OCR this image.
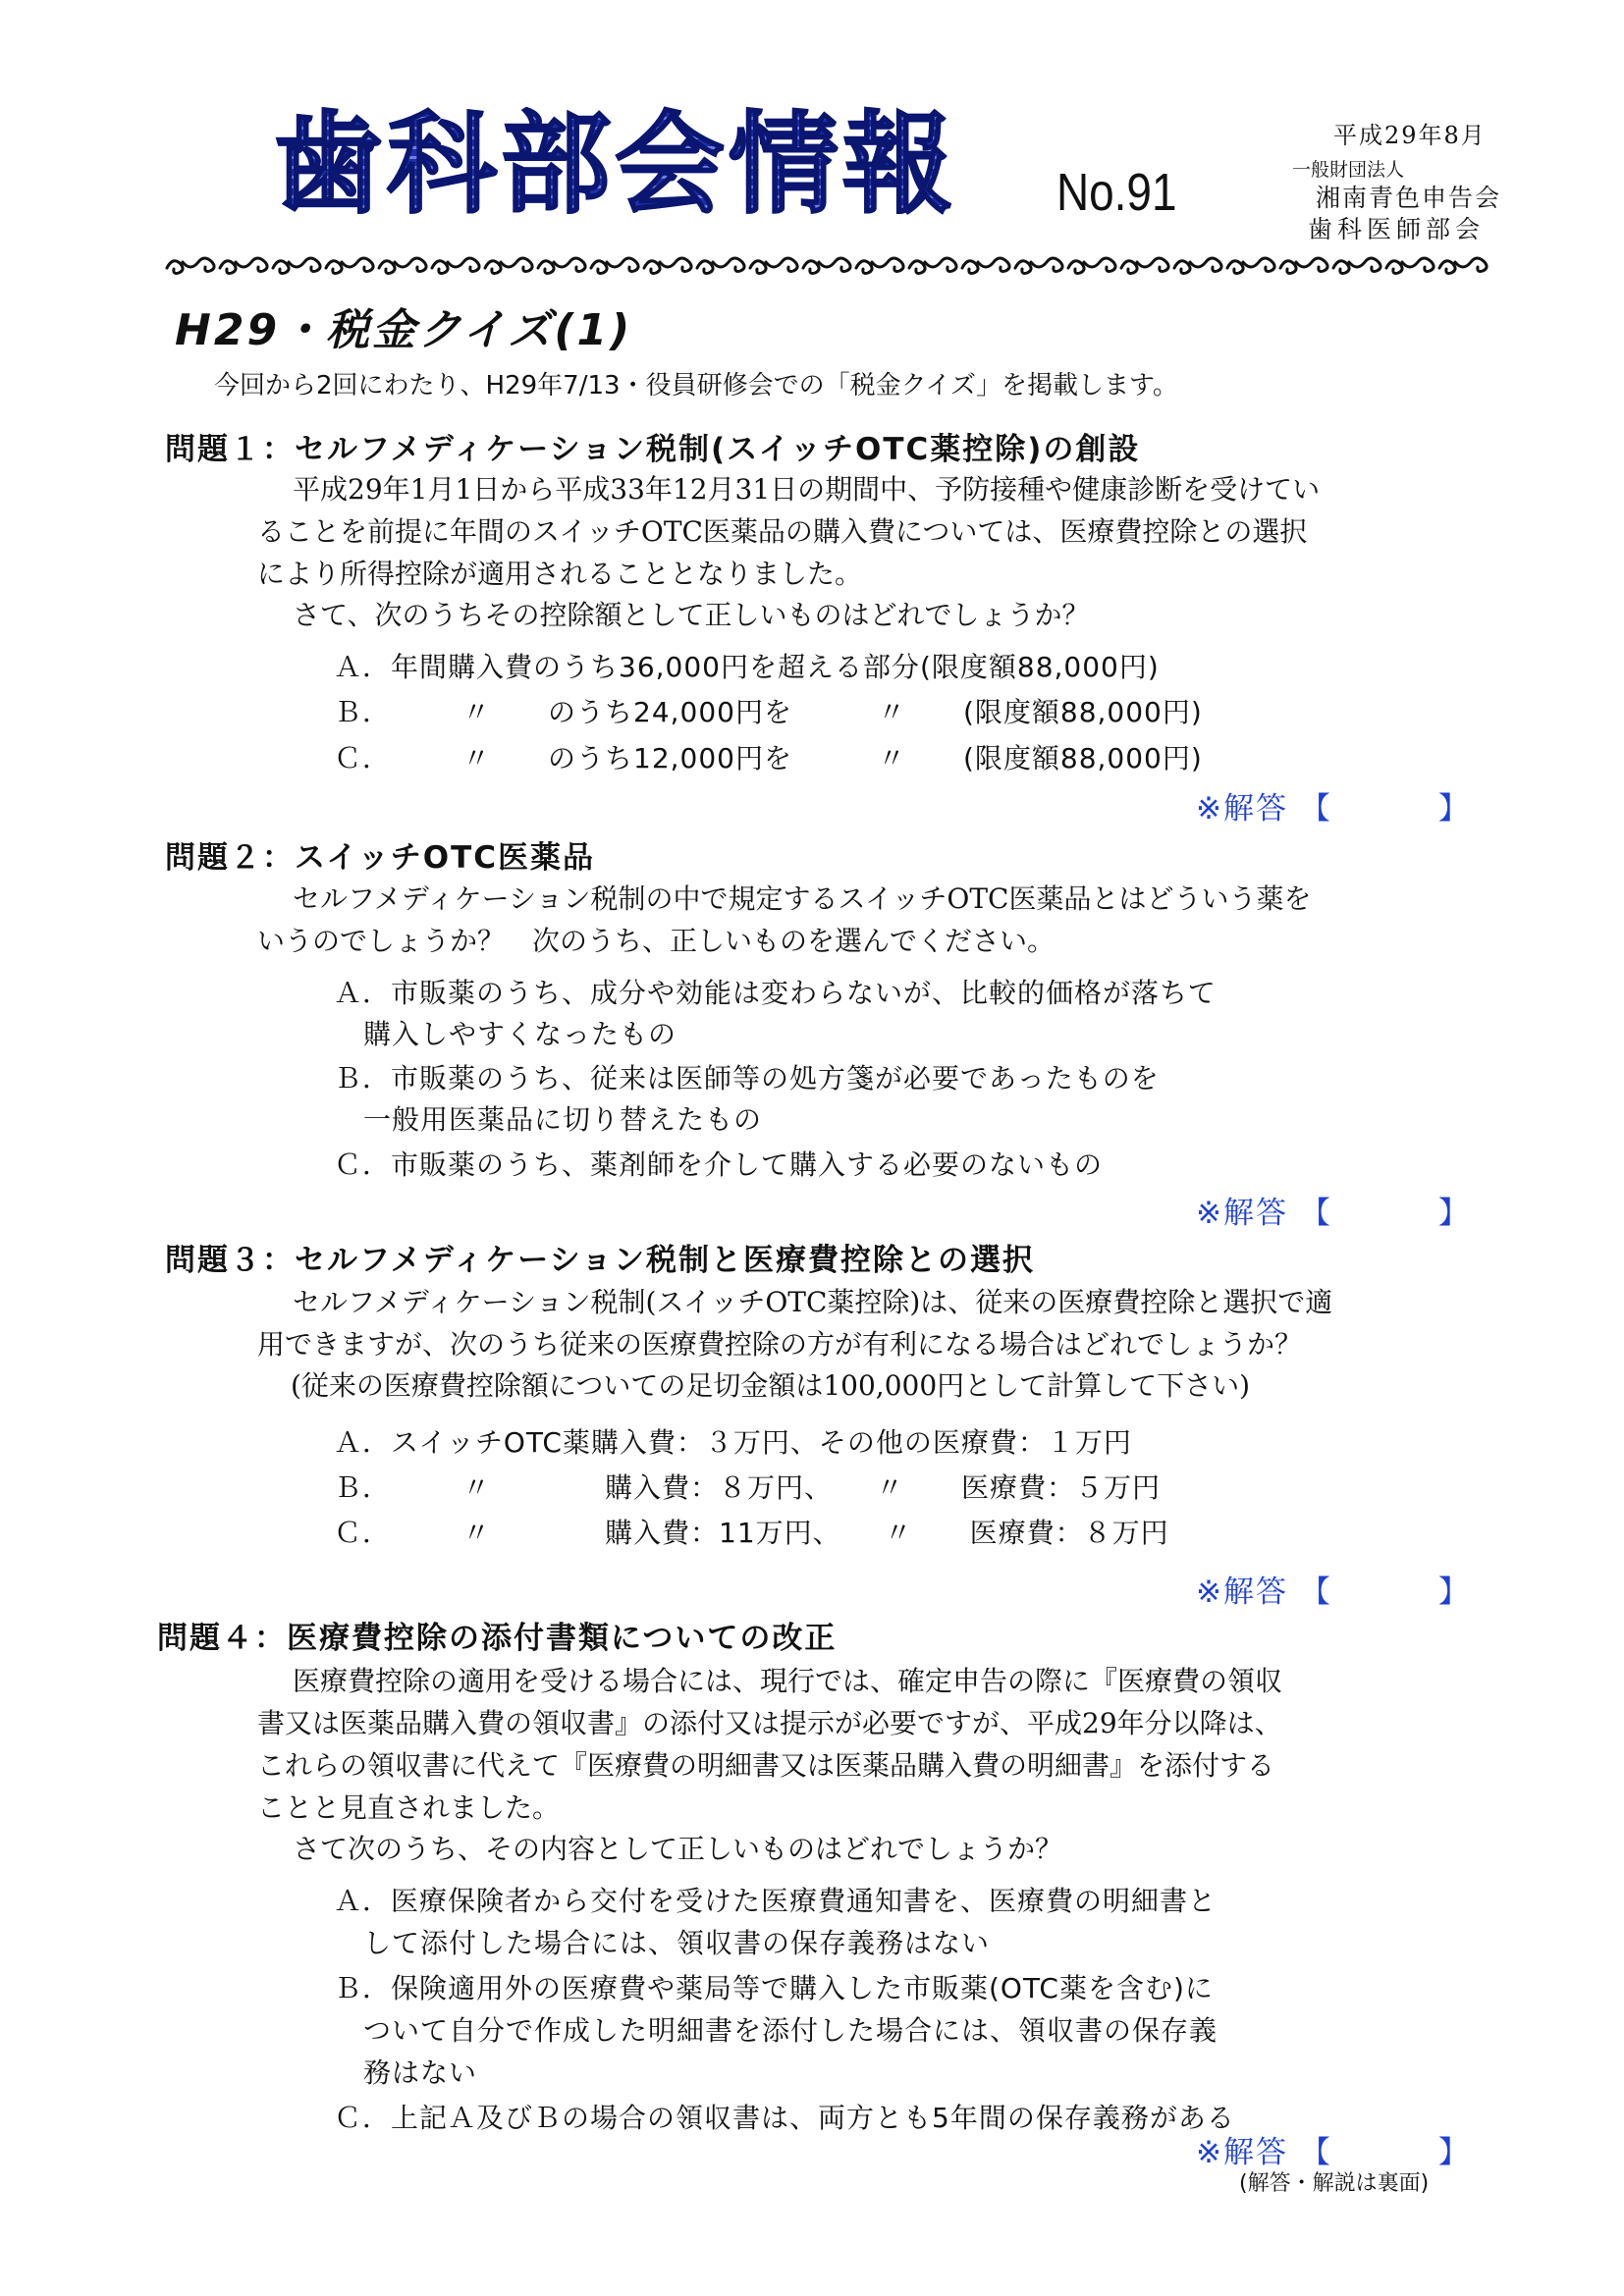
歯科部会情報 No.91
平成29年8月
一般財団法人
湘南青色申告会
歯科医師部会
H29・税金クイズ(1)
今回から2回にわたり、H29年7/13・役員研修会での「税金クイズ」を掲載します。
問題１：セルフメディケーション税制(スイッチOTC薬控除)の創設
平成29年1月1日から平成33年12月31日の期間中、予防接種や健康診断を受けてい
ることを前提に年間のスイッチOTC医薬品の購入費については、医療費控除との選択
により所得控除が適用されることとなりました。
さて、次のうちその控除額として正しいものはどれでしょうか？
Ａ．年間購入費のうち36,000円を超える部分(限度額88,000円)
Ｂ．　　　〃　　のうち24,000円を　　　〃　　(限度額88,000円)
Ｃ．　　　〃　　のうち12,000円を　　　〃　　(限度額88,000円)
※解答 【	】
問題２：スイッチOTC医薬品
セルフメディケーション税制の中で規定するスイッチOTC医薬品とはどういう薬を
いうのでしょうか？　次のうち、正しいものを選んでください。
Ａ．市販薬のうち、成分や効能は変わらないが、比較的価格が落ちて
購入しやすくなったもの
Ｂ．市販薬のうち、従来は医師等の処方箋が必要であったものを
一般用医薬品に切り替えたもの
Ｃ．市販薬のうち、薬剤師を介して購入する必要のないもの
※解答 【	】
問題３：セルフメディケーション税制と医療費控除との選択
セルフメディケーション税制(スイッチOTC薬控除)は、従来の医療費控除と選択で適
用できますが、次のうち従来の医療費控除の方が有利になる場合はどれでしょうか？
(従来の医療費控除額についての足切金額は100,000円として計算して下さい)
Ａ．スイッチOTC薬購入費：３万円、その他の医療費：１万円
Ｂ．　　　〃　　　　購入費：８万円、　　〃　　医療費：５万円
Ｃ．　　　〃　　　　購入費：11万円、　　〃　　医療費：８万円
※解答 【	】
問題４：医療費控除の添付書類についての改正
医療費控除の適用を受ける場合には、現行では、確定申告の際に『医療費の領収
書又は医薬品購入費の領収書』の添付又は提示が必要ですが、平成29年分以降は、
これらの領収書に代えて『医療費の明細書又は医薬品購入費の明細書』を添付する
ことと見直されました。
さて次のうち、その内容として正しいものはどれでしょうか？
Ａ．医療保険者から交付を受けた医療費通知書を、医療費の明細書と
して添付した場合には、領収書の保存義務はない
Ｂ．保険適用外の医療費や薬局等で購入した市販薬(OTC薬を含む)に
ついて自分で作成した明細書を添付した場合には、領収書の保存義
務はない
Ｃ．上記Ａ及びＢの場合の領収書は、両方とも5年間の保存義務がある
※解答 【	】
(解答・解説は裏面)
